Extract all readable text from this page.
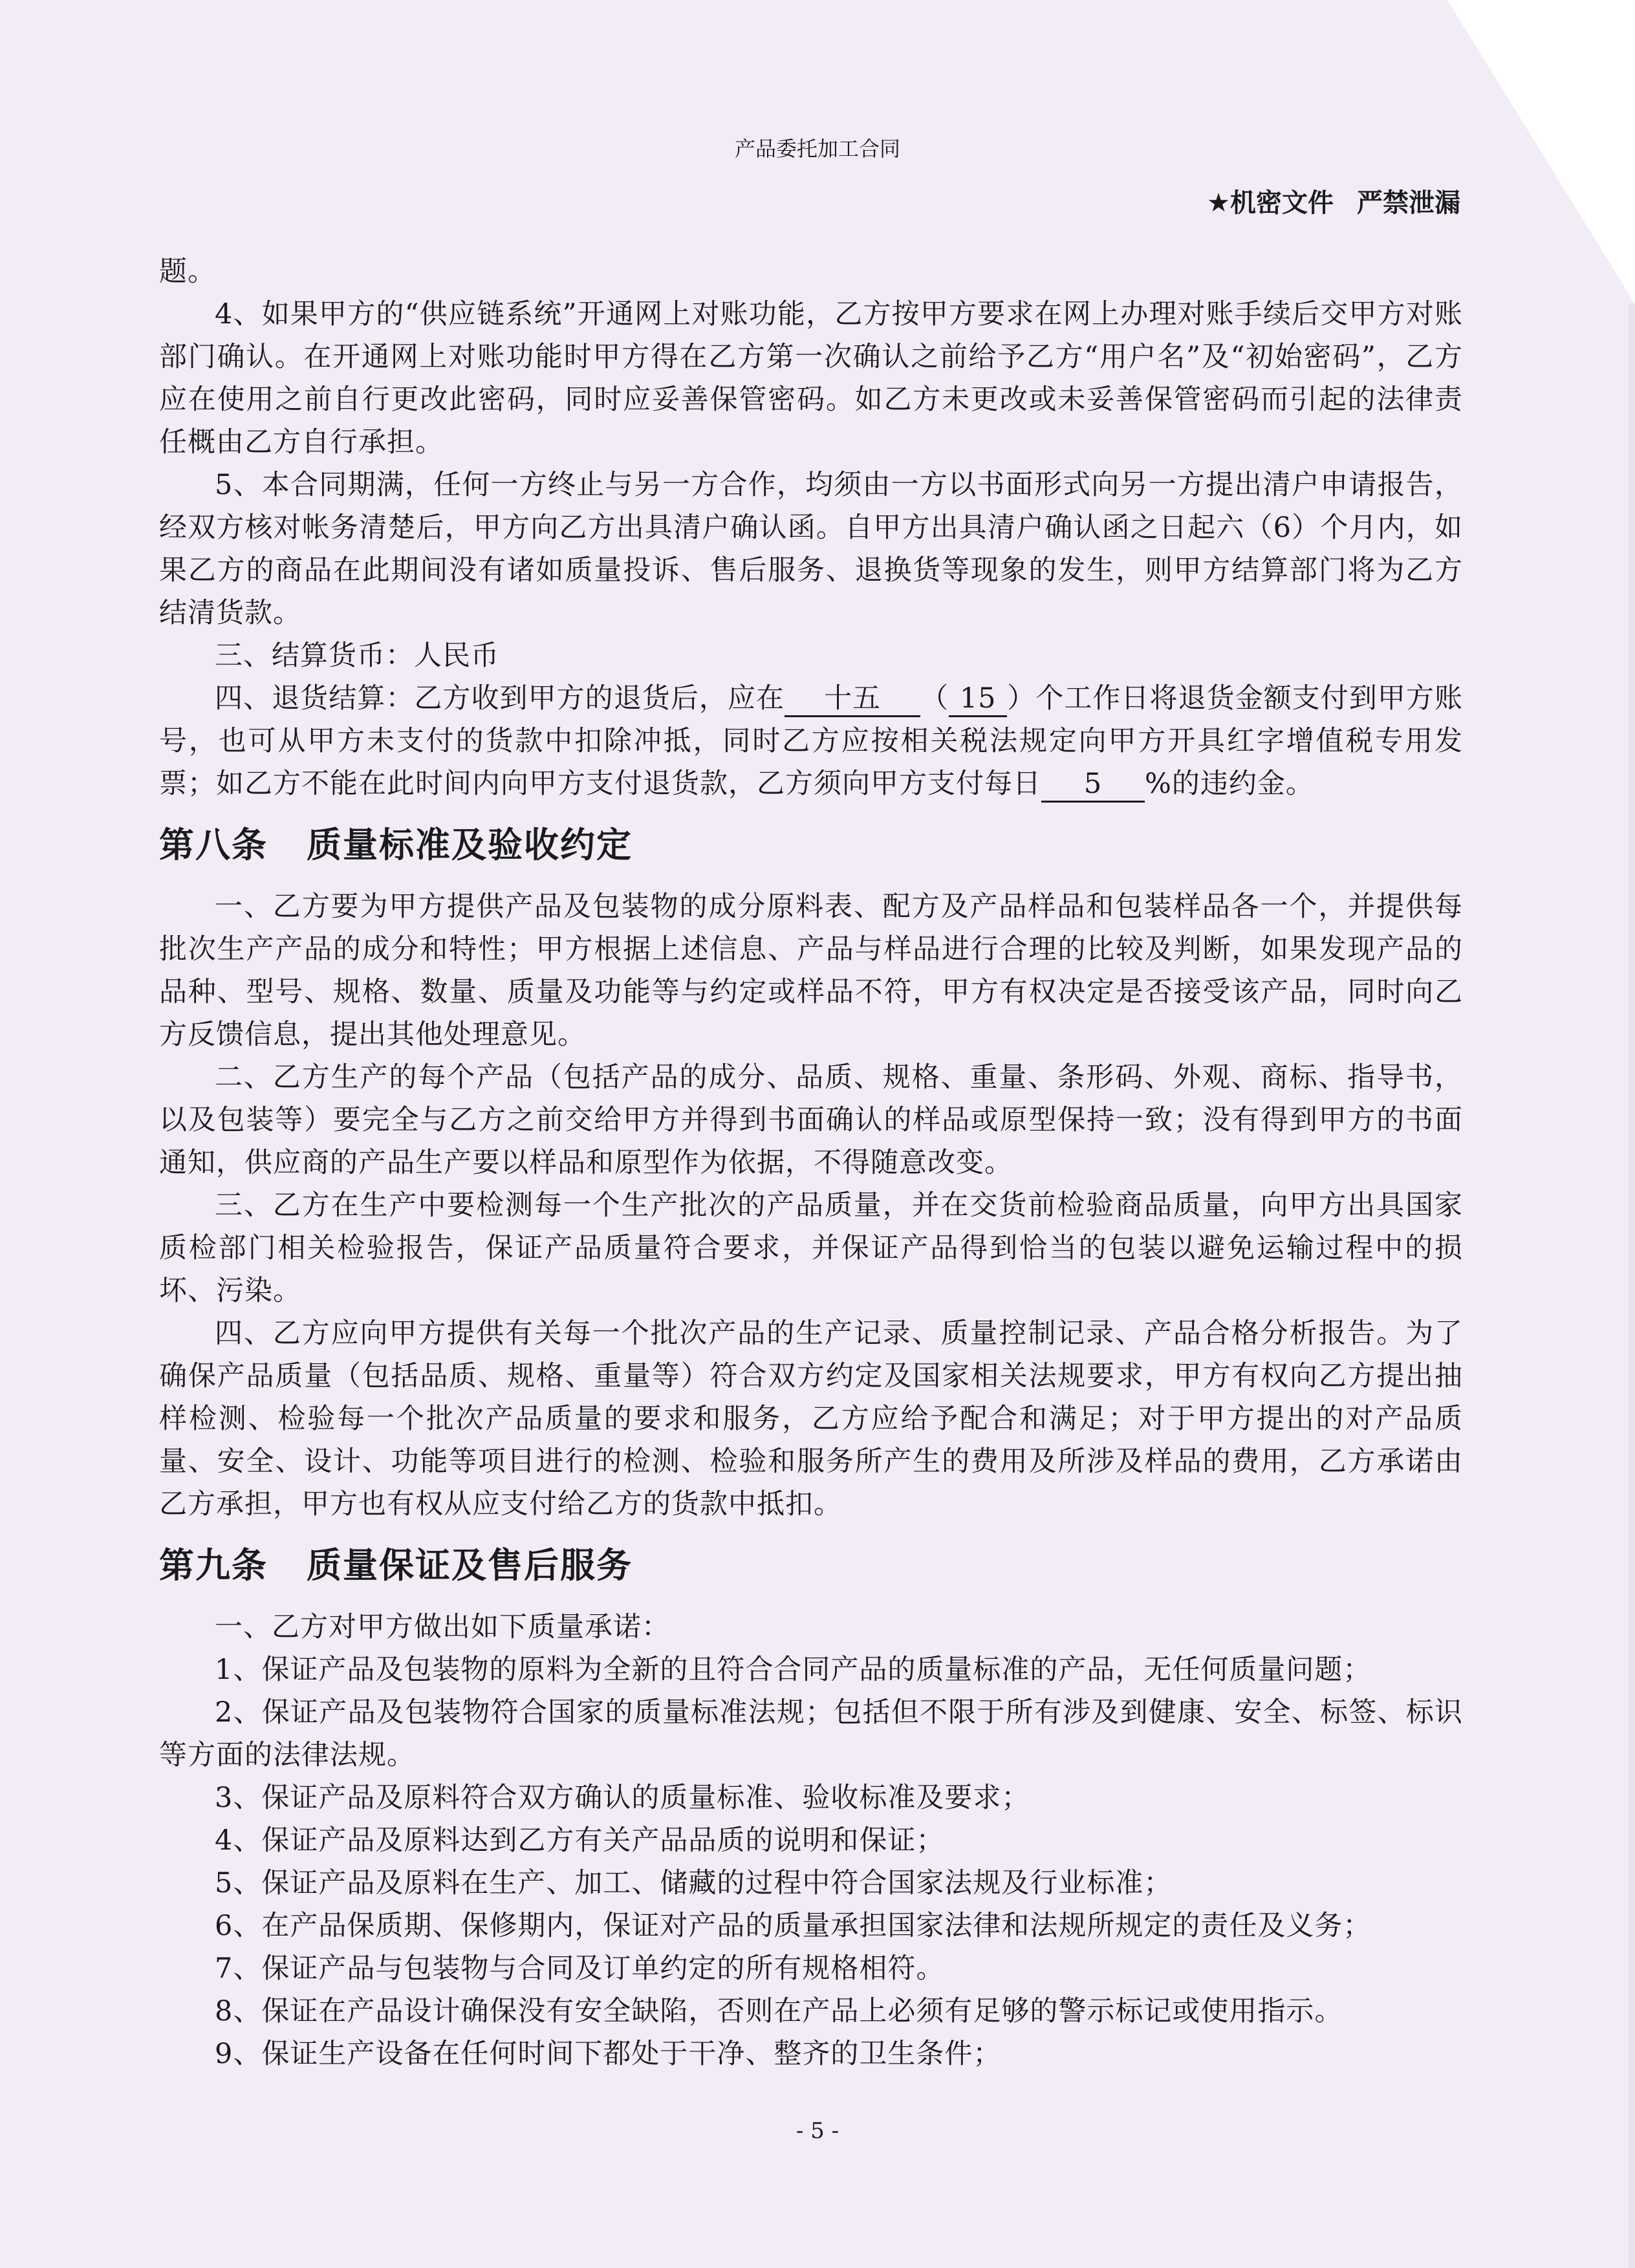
产品委托加工合同
★机密文件 严禁泄漏

题。

4、如果甲方的“供应链系统”开通网上对账功能，乙方按甲方要求在网上办理对账手续后交甲方对账部门确认。在开通网上对账功能时甲方得在乙方第一次确认之前给予乙方“用户名”及“初始密码”，乙方应在使用之前自行更改此密码，同时应妥善保管密码。如乙方未更改或未妥善保管密码而引起的法律责任概由乙方自行承担。

5、本合同期满，任何一方终止与另一方合作，均须由一方以书面形式向另一方提出清户申请报告，经双方核对帐务清楚后，甲方向乙方出具清户确认函。自甲方出具清户确认函之日起六（6）个月内，如果乙方的商品在此期间没有诸如质量投诉、售后服务、退换货等现象的发生，则甲方结算部门将为乙方结清货款。

三、结算货币：人民币

四、退货结算：乙方收到甲方的退货后，应在 十五 （ 15 ）个工作日将退货金额支付到甲方账号，也可从甲方未支付的货款中扣除冲抵，同时乙方应按相关税法规定向甲方开具红字增值税专用发票；如乙方不能在此时间内向甲方支付退货款，乙方须向甲方支付每日 5 %的违约金。

第八条 质量标准及验收约定

一、乙方要为甲方提供产品及包装物的成分原料表、配方及产品样品和包装样品各一个，并提供每批次生产产品的成分和特性；甲方根据上述信息、产品与样品进行合理的比较及判断，如果发现产品的品种、型号、规格、数量、质量及功能等与约定或样品不符，甲方有权决定是否接受该产品，同时向乙方反馈信息，提出其他处理意见。

二、乙方生产的每个产品（包括产品的成分、品质、规格、重量、条形码、外观、商标、指导书，以及包装等）要完全与乙方之前交给甲方并得到书面确认的样品或原型保持一致；没有得到甲方的书面通知，供应商的产品生产要以样品和原型作为依据，不得随意改变。

三、乙方在生产中要检测每一个生产批次的产品质量，并在交货前检验商品质量，向甲方出具国家质检部门相关检验报告，保证产品质量符合要求，并保证产品得到恰当的包装以避免运输过程中的损坏、污染。

四、乙方应向甲方提供有关每一个批次产品的生产记录、质量控制记录、产品合格分析报告。为了确保产品质量（包括品质、规格、重量等）符合双方约定及国家相关法规要求，甲方有权向乙方提出抽样检测、检验每一个批次产品质量的要求和服务，乙方应给予配合和满足；对于甲方提出的对产品质量、安全、设计、功能等项目进行的检测、检验和服务所产生的费用及所涉及样品的费用，乙方承诺由乙方承担，甲方也有权从应支付给乙方的货款中抵扣。

第九条 质量保证及售后服务

一、乙方对甲方做出如下质量承诺：

1、保证产品及包装物的原料为全新的且符合合同产品的质量标准的产品，无任何质量问题；

2、保证产品及包装物符合国家的质量标准法规；包括但不限于所有涉及到健康、安全、标签、标识等方面的法律法规。

3、保证产品及原料符合双方确认的质量标准、验收标准及要求；

4、保证产品及原料达到乙方有关产品品质的说明和保证；

5、保证产品及原料在生产、加工、储藏的过程中符合国家法规及行业标准；

6、在产品保质期、保修期内，保证对产品的质量承担国家法律和法规所规定的责任及义务；

7、保证产品与包装物与合同及订单约定的所有规格相符。

8、保证在产品设计确保没有安全缺陷，否则在产品上必须有足够的警示标记或使用指示。

9、保证生产设备在任何时间下都处于干净、整齐的卫生条件；

- 5 -
